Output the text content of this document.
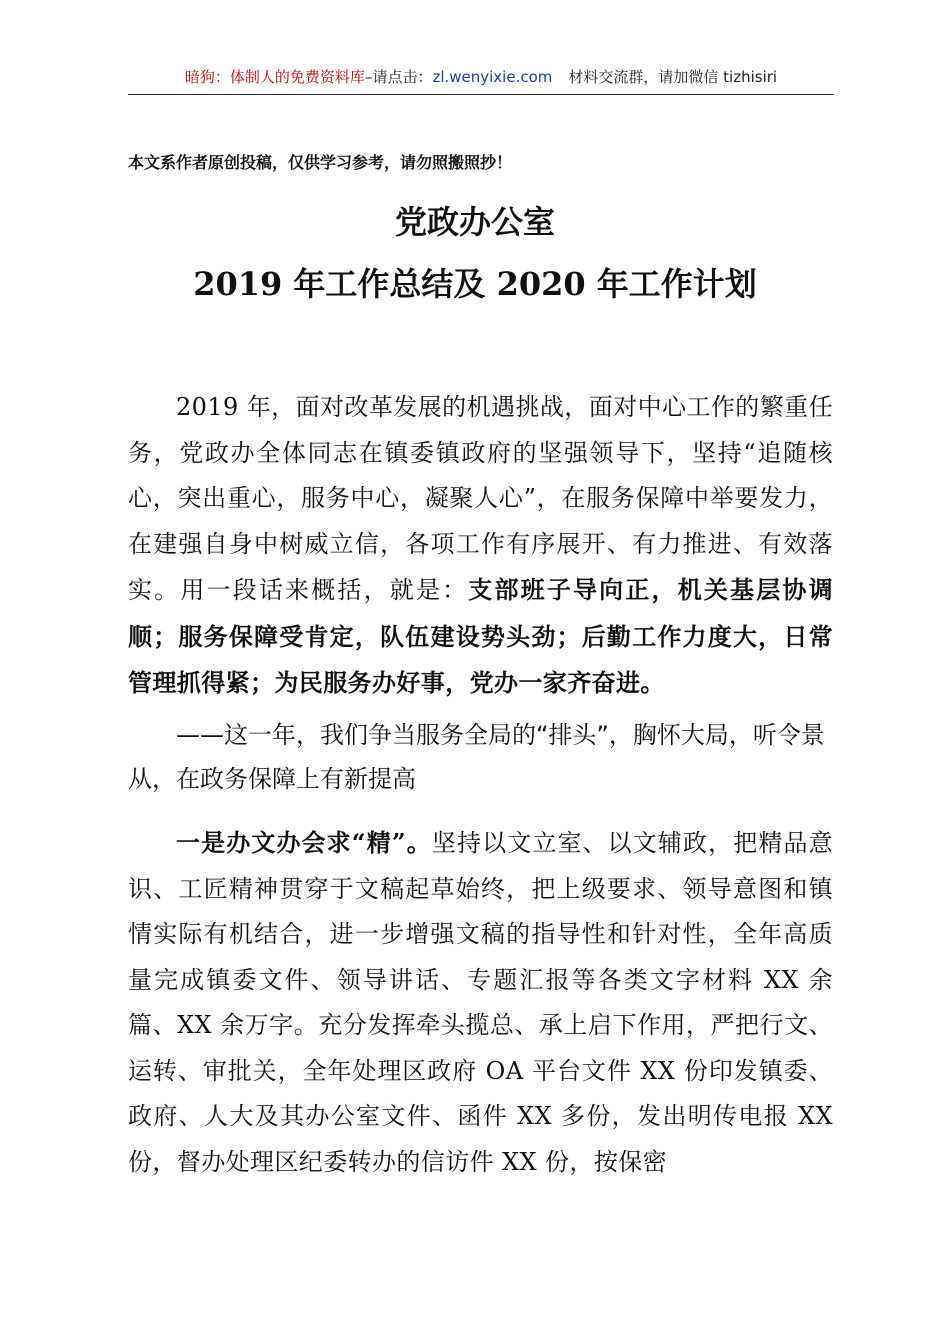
暗狗：体制人的免费资料库–请点击：zl.wenyixie.com 材料交流群，请加微信 tizhisiri
本文系作者原创投稿，仅供学习参考，请勿照搬照抄！
党政办公室
2019 年工作总结及 2020 年工作计划
2019 年，面对改革发展的机遇挑战，面对中心工作的繁重任务，党政办全体同志在镇委镇政府的坚强领导下，坚持“追随核心，突出重心，服务中心，凝聚人心”，在服务保障中举要发力，在建强自身中树威立信，各项工作有序展开、有力推进、有效落实。用一段话来概括，就是：支部班子导向正，机关基层协调顺；服务保障受肯定，队伍建设势头劲；后勤工作力度大，日常管理抓得紧；为民服务办好事，党办一家齐奋进。
——这一年，我们争当服务全局的“排头”，胸怀大局，听令景从，在政务保障上有新提高
一是办文办会求“精”。坚持以文立室、以文辅政，把精品意识、工匠精神贯穿于文稿起草始终，把上级要求、领导意图和镇情实际有机结合，进一步增强文稿的指导性和针对性，全年高质量完成镇委文件、领导讲话、专题汇报等各类文字材料 XX 余篇、XX 余万字。充分发挥牵头揽总、承上启下作用，严把行文、运转、审批关，全年处理区政府 OA 平台文件 XX 份印发镇委、政府、人大及其办公室文件、函件 XX 多份，发出明传电报 XX 份，督办处理区纪委转办的信访件 XX 份，按保密
